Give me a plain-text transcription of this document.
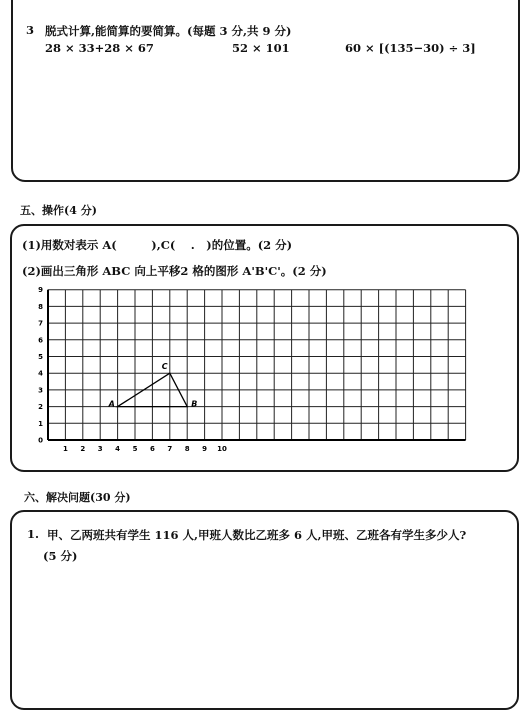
3 脱式计算,能简算的要简算。(每题 3 分,共 9 分)
28 × 33+28 × 67	52 × 101	60 × [(135−30) ÷ 3]
五、操作(4 分)
(1)用数对表示 A(　　　),C(　 .　)的位置。(2 分)
(2)画出三角形 ABC 向上平移2 格的图形 A'B'C'。(2 分)
1 2 3 4 5 6 7 8 9 10
0
1
2
3
4
5
6
7
8
9
A
C
B
六、解决问题(30 分)
1. 甲、乙两班共有学生 116 人,甲班人数比乙班多 6 人,甲班、乙班各有学生多少人?
(5 分)
